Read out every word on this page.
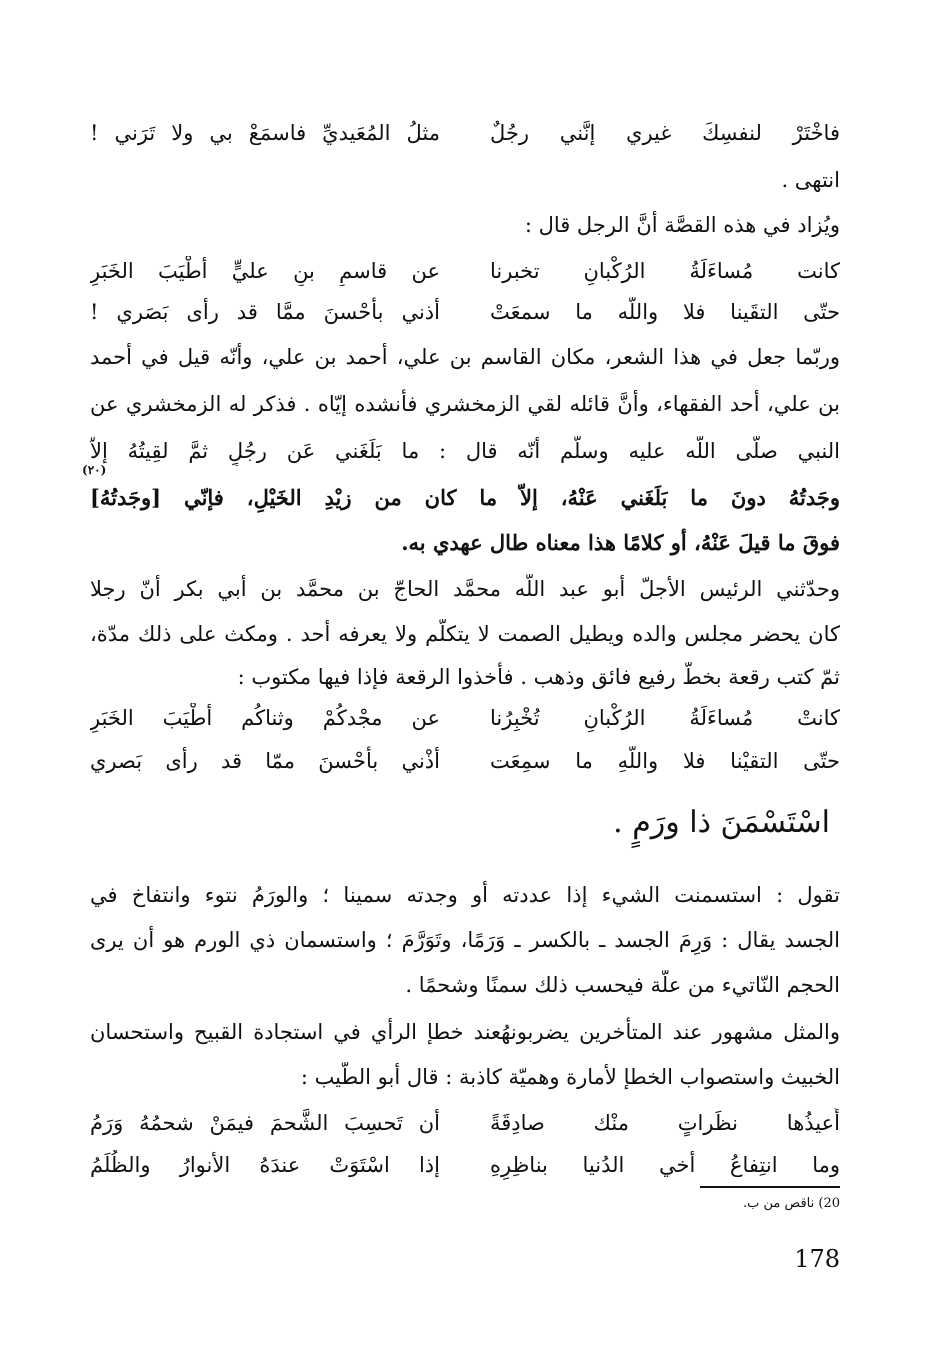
فاخْتَرْ لنفسِكَ غيري إنَّني رجُلٌ
مثلُ المُعَيديِّ فاسمَعْ بي ولا تَرَني !
انتهى .
ويُزاد في هذه القصَّة أنَّ الرجل قال :
كانت مُساءَلَةُ الرُكْبانِ تخبرنا
عن قاسمِ بنِ عليٍّ أطْيَبَ الخَبَرِ
حتّى التقَينا فلا واللّه ما سمعَتْ
أذني بأحْسنَ ممَّا قد رأى بَصَري !
وربّما جعل في هذا الشعر، مكان القاسم بن علي، أحمد بن علي، وأنّه قيل في أحمد
بن علي، أحد الفقهاء، وأنَّ قائله لقي الزمخشري فأنشده إيّاه . فذكر له الزمخشري عن
النبي صلّى اللّه عليه وسلّم أنّه قال : ما بَلَغَني عَن رجُلٍ ثمَّ لقِيتُهُ إلاّ
(٢٠)
وجَدتُهُ دونَ ما بَلَغَني عَنْهُ، إلاّ ما كان من زيْدِ الخَيْلِ، فإنّي [وجَدتُهُ]
فوقَ ما قيلَ عَنْهُ، أو كلامًا هذا معناه طال عهدي به.
وحدّثني الرئيس الأجلّ أبو عبد اللّه محمَّد الحاجّ بن محمَّد بن أبي بكر أنّ رجلا
كان يحضر مجلس والده ويطيل الصمت لا يتكلّم ولا يعرفه أحد . ومكث على ذلك مدّة،
ثمّ كتب رقعة بخطّ رفيع فائق وذهب . فأخذوا الرقعة فإذا فيها مكتوب :
كانتْ مُساءَلَةُ الرُكْبانِ تُخْبِرُنا
عن مجْدكُمْ وثناكُم أطْيَبَ الخَبَرِ
حتّى التقيْنا فلا واللّهِ ما سمِعَت
أذْني بأحْسنَ ممّا قد رأى بَصري
اسْتَسْمَنَ ذا ورَمٍ .
تقول : استسمنت الشيء إذا عددته أو وجدته سمينا ؛ والورَمُ نتوء وانتفاخ في
الجسد يقال : وَرِمَ الجسد ـ بالكسر ـ وَرَمًا، وتَوَرَّمَ ؛ واستسمان ذي الورم هو أن يرى
الحجم النّاتيء من علّة فيحسب ذلك سمنًا وشحمًا .
والمثل مشهور عند المتأخرين يضربونهُعند خطإ الرأي في استجادة القبيح واستحسان
الخبيث واستصواب الخطإ لأمارة وهميّة كاذبة : قال أبو الطّيب :
أُعيذُها نظَراتٍ منْك صادِقَةً
أن تَحسِبَ الشَّحمَ فيمَنْ شحمُهُ وَرَمُ
وما انتِفاعُ أخي الدُنيا بناظِرِهِ
إذا اسْتَوَتْ عندَهُ الأنوارُ والظُلَمُ
20) ناقص من ب.
178
